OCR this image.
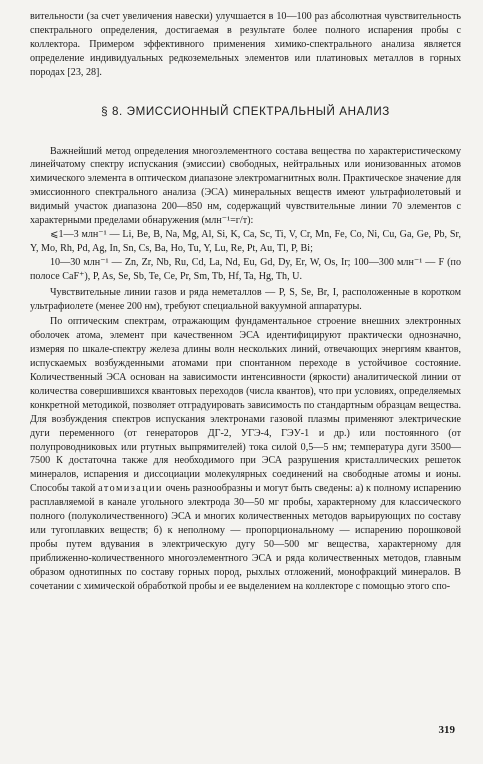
вительности (за счет увеличения навески) улучшается в 10—100 раз абсолютная чувствительность спектрального определения, достигаемая в результате более полного испарения пробы с коллектора. Примером эффективного применения химико-спектрального анализа является определение индивидуальных редкоземельных элементов или платиновых металлов в горных породах [23, 28].

§ 8. ЭМИССИОННЫЙ СПЕКТРАЛЬНЫЙ АНАЛИЗ

Важнейший метод определения многоэлементного состава вещества по характеристическому линейчатому спектру испускания (эмиссии) свободных, нейтральных или ионизованных атомов химического элемента в оптическом диапазоне электромагнитных волн. Практическое значение для эмиссионного спектрального анализа (ЭСА) минеральных веществ имеют ультрафиолетовый и видимый участок диапазона 200—850 нм, содержащий чувствительные линии 70 элементов с характерными пределами обнаружения (млн⁻¹=г/т):

⩽1—3 млн⁻¹ — Li, Be, B, Na, Mg, Al, Si, K, Ca, Sc, Ti, V, Cr, Mn, Fe, Co, Ni, Cu, Ga, Ge, Pb, Sr, Y, Mo, Rh, Pd, Ag, In, Sn, Cs, Ba, Ho, Tu, Y, Lu, Re, Pt, Au, Tl, P, Bi;

10—30 млн⁻¹ — Zn, Zr, Nb, Ru, Cd, La, Nd, Eu, Gd, Dy, Er, W, Os, Ir; 100—300 млн⁻¹ — F (по полосе CaF⁺), P, As, Se, Sb, Te, Ce, Pr, Sm, Tb, Hf, Ta, Hg, Th, U.

Чувствительные линии газов и ряда неметаллов — P, S, Se, Br, I, расположенные в коротком ультрафиолете (менее 200 нм), требуют специальной вакуумной аппаратуры.

По оптическим спектрам, отражающим фундаментальное строение внешних электронных оболочек атома, элемент при качественном ЭСА идентифицируют практически однозначно, измеряя по шкале-спектру железа длины волн нескольких линий, отвечающих энергиям квантов, испускаемых возбужденными атомами при спонтанном переходе в устойчивое состояние. Количественный ЭСА основан на зависимости интенсивности (яркости) аналитической линии от количества совершившихся квантовых переходов (числа квантов), что при условиях, определяемых конкретной методикой, позволяет отградуировать зависимость по стандартным образцам вещества. Для возбуждения спектров испускания электронами газовой плазмы применяют электрические дуги переменного (от генераторов ДГ-2, УГЭ-4, ГЭУ-1 и др.) или постоянного (от полупроводниковых или ртутных выпрямителей) тока силой 0,5—5 нм; температура дуги 3500—7500 К достаточна также для необходимого при ЭСА разрушения кристаллических решеток минералов, испарения и диссоциации молекулярных соединений на свободные атомы и ионы. Способы такой атомизации очень разнообразны и могут быть сведены: а) к полному испарению расплавляемой в канале угольного электрода 30—50 мг пробы, характерному для классического полного (полуколичественного) ЭСА и многих количественных методов варьирующих по составу или тугоплавких веществ; б) к неполному — пропорциональному — испарению порошковой пробы путем вдувания в электрическую дугу 50—500 мг вещества, характерному для приближенно-количественного многоэлементного ЭСА и ряда количественных методов, главным образом однотипных по составу горных пород, рыхлых отложений, монофракций минералов. В сочетании с химической обработкой пробы и ее выделением на коллекторе с помощью этого спо-

319
